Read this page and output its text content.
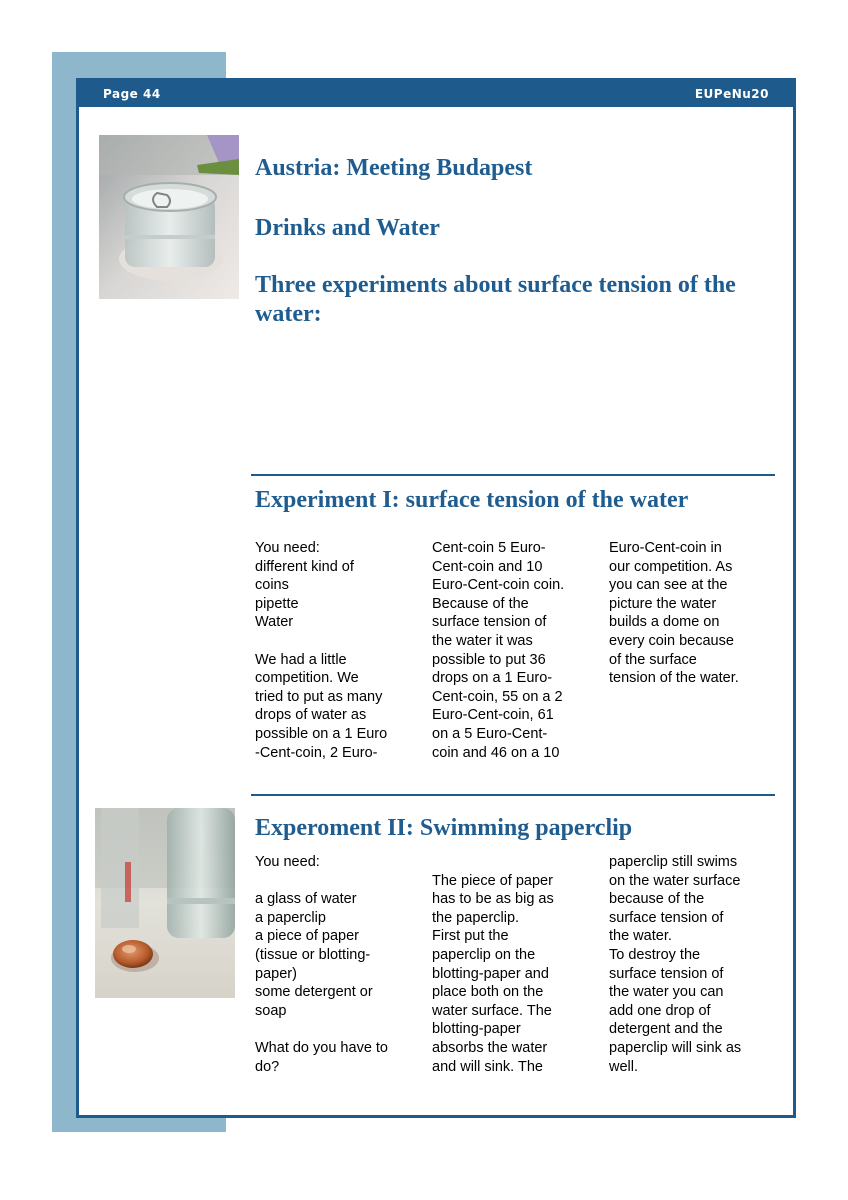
Page 44	EUPeNu20
Austria: Meeting Budapest
Drinks and Water
Three experiments about surface tension of the water:
Experiment I: surface tension of the water

You need:
different kind of
coins
pipette
Water

We had a little
competition. We
tried to put as many
drops of water as
possible on a 1 Euro
-Cent-coin, 2 Euro-

Cent-coin 5 Euro-
Cent-coin and 10
Euro-Cent-coin coin.
Because of the
surface tension of
the water it was
possible to put 36
drops on a 1 Euro-
Cent-coin, 55 on a 2
Euro-Cent-coin, 61
on a 5 Euro-Cent-
coin and 46 on a 10

Euro-Cent-coin in
our competition. As
you can see at the
picture the water
builds a dome on
every coin because
of the surface
tension of the water.

Experoment II: Swimming paperclip

You need:

a glass of water
a paperclip
a piece of paper
(tissue or blotting-
paper)
some detergent or
soap

What do you have to
do?

The piece of paper
has to be as big as
the paperclip.
First put the
paperclip on the
blotting-paper and
place both on the
water surface. The
blotting-paper
absorbs the water
and will sink. The

paperclip still swims
on the water surface
because of the
surface tension of
the water.
To destroy the
surface tension of
the water you can
add one drop of
detergent and the
paperclip will sink as
well.
